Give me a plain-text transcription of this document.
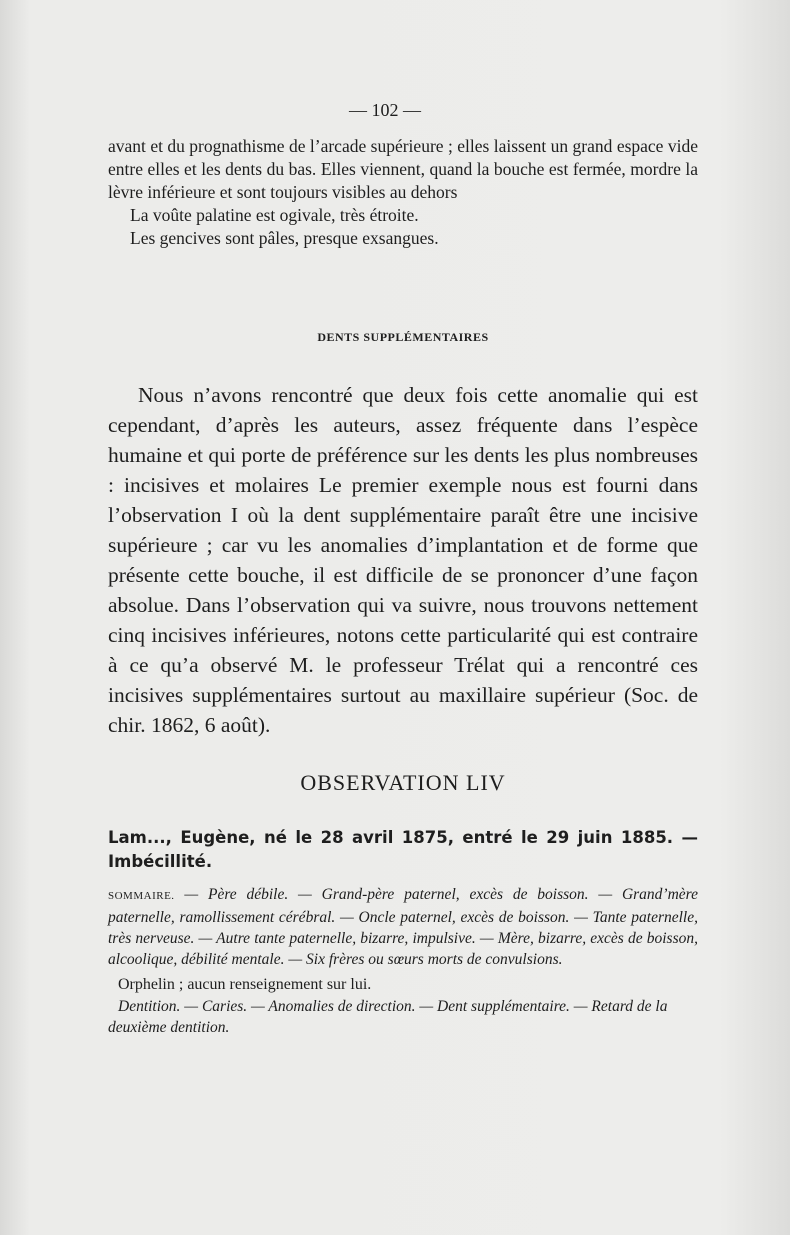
— 102 —

avant et du prognathisme de l’arcade supérieure ; elles laissent un grand espace vide entre elles et les dents du bas. Elles viennent, quand la bouche est fermée, mordre la lèvre inférieure et sont toujours visibles au dehors

La voûte palatine est ogivale, très étroite.

Les gencives sont pâles, presque exsangues.

DENTS SUPPLÉMENTAIRES

Nous n’avons rencontré que deux fois cette anomalie qui est cependant, d’après les auteurs, assez fréquente dans l’espèce humaine et qui porte de préférence sur les dents les plus nombreuses : incisives et molaires Le premier exemple nous est fourni dans l’observation I où la dent supplémentaire paraît être une incisive supérieure ; car vu les anomalies d’implantation et de forme que présente cette bouche, il est difficile de se prononcer d’une façon absolue. Dans l’observation qui va suivre, nous trouvons nettement cinq incisives inférieures, notons cette particularité qui est contraire à ce qu’a observé M. le professeur Trélat qui a rencontré ces incisives supplémentaires surtout au maxillaire supérieur (Soc. de chir. 1862, 6 août).

OBSERVATION LIV

Lam..., Eugène, né le 28 avril 1875, entré le 29 juin 1885. — Imbécillité.

SOMMAIRE. — Père débile. — Grand-père paternel, excès de boisson. — Grand’mère paternelle, ramollissement cérébral. — Oncle paternel, excès de boisson. — Tante paternelle, très nerveuse. — Autre tante paternelle, bizarre, impulsive. — Mère, bizarre, excès de boisson, alcoolique, débilité mentale. — Six frères ou sœurs morts de convulsions.

Orphelin ; aucun renseignement sur lui.

Dentition. — Caries. — Anomalies de direction. — Dent supplémentaire. — Retard de la deuxième dentition.
